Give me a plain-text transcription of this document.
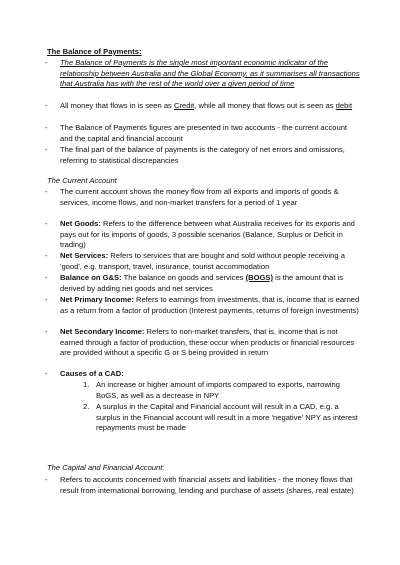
The Balance of Payments:
- The Balance of Payments is the single most important economic indicator of the relationship between Australia and the Global Economy, as it summarises all transactions that Australia has with the rest of the world over a given period of time
- All money that flows in is seen as Credit, while all money that flows out is seen as debit
- The Balance of Payments figures are presented in two accounts - the current account and the capital and financial account
- The final part of the balance of payments is the category of net errors and omissions, referring to statistical discrepancies
The Current Account
- The current account shows the money flow from all exports and imports of goods & services, income flows, and non-market transfers for a period of 1 year
- Net Goods: Refers to the difference between what Australia receives for its exports and pays out for its imports of goods, 3 possible scenarios (Balance, Surplus or Deficit in trading)
- Net Services: Refers to services that are bought and sold without people receiving a 'good', e.g. transport, travel, insurance, tourist accommodation
- Balance on G&S: The balance on goods and services (BOGS) is the amount that is derived by adding net goods and net services
- Net Primary Income: Refers to earnings from investments, that is, income that is earned as a return from a factor of production (Interest payments, returns of foreign investments)
- Net Secondary Income: Refers to non-market transfers, that is, income that is not earned through a factor of production, these occur when products or financial resources are provided without a specific G or S being provided in return
- Causes of a CAD:
1. An increase or higher amount of imports compared to exports, narrowing BoGS, as well as a decrease in NPY
2. A surplus in the Capital and Financial account will result in a CAD, e.g. a surplus in the Financial account will result in a more 'negative' NPY as interest repayments must be made
The Capital and Financial Account:
- Refers to accounts concerned with financial assets and liabilities - the money flows that result from international borrowing, lending and purchase of assets (shares, real estate)
